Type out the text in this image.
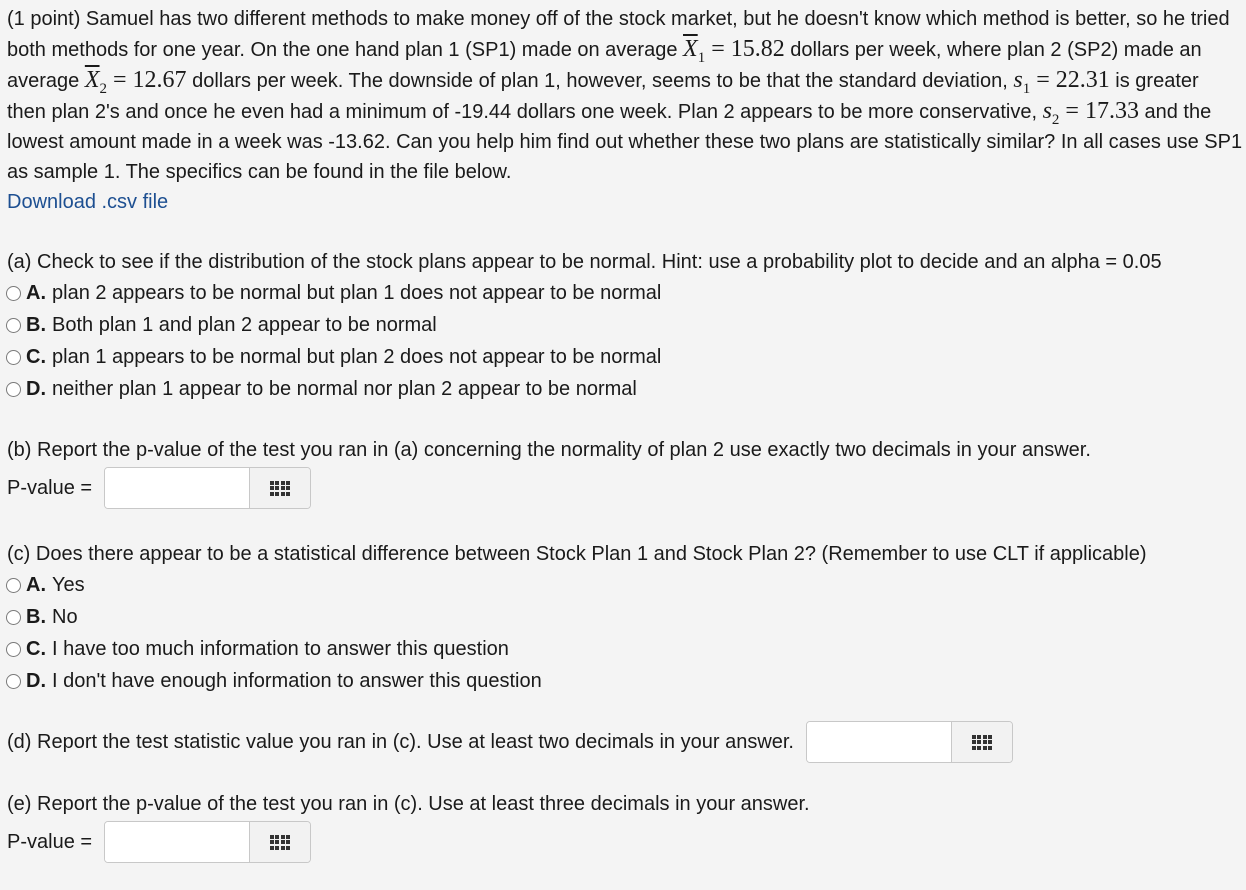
(1 point) Samuel has two different methods to make money off of the stock market, but he doesn't know which method is better, so he tried both methods for one year. On the one hand plan 1 (SP1) made on average $\overline{X}_1 = 15.82$ dollars per week, where plan 2 (SP2) made an average $\overline{X}_2 = 12.67$ dollars per week. The downside of plan 1, however, seems to be that the standard deviation, $s_1 = 22.31$ is greater then plan 2's and once he even had a minimum of -19.44 dollars one week. Plan 2 appears to be more conservative, $s_2 = 17.33$ and the lowest amount made in a week was -13.62. Can you help him find out whether these two plans are statistically similar? In all cases use SP1 as sample 1. The specifics can be found in the file below.

Download .csv file

(a) Check to see if the distribution of the stock plans appear to be normal. Hint: use a probability plot to decide and an alpha = 0.05

A. plan 2 appears to be normal but plan 1 does not appear to be normal
B. Both plan 1 and plan 2 appear to be normal
C. plan 1 appears to be normal but plan 2 does not appear to be normal
D. neither plan 1 appear to be normal nor plan 2 appear to be normal

(b) Report the p-value of the test you ran in (a) concerning the normality of plan 2 use exactly two decimals in your answer.

P-value =

(c) Does there appear to be a statistical difference between Stock Plan 1 and Stock Plan 2? (Remember to use CLT if applicable)

A. Yes
B. No
C. I have too much information to answer this question
D. I don't have enough information to answer this question
(d) Report the test statistic value you ran in (c). Use at least two decimals in your answer.

(e) Report the p-value of the test you ran in (c). Use at least three decimals in your answer.

P-value =
